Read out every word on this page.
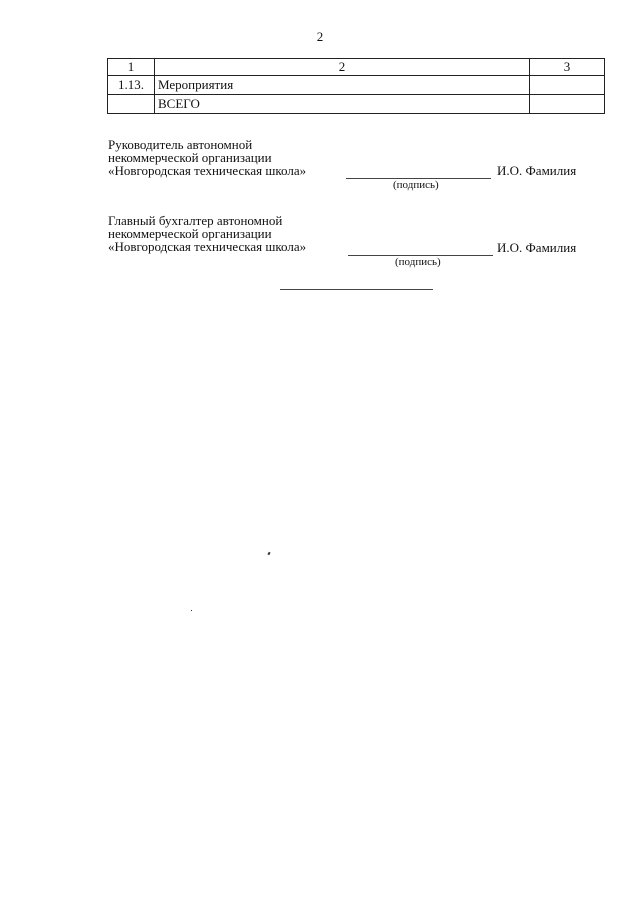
2
1	2	3
1.13.	Мероприятия	
	ВСЕГО	
Руководитель автономной
некоммерческой организации
«Новгородская техническая школа»
(подпись)
И.О. Фамилия
Главный бухгалтер автономной
некоммерческой организации
«Новгородская техническая школа»
(подпись)
И.О. Фамилия
